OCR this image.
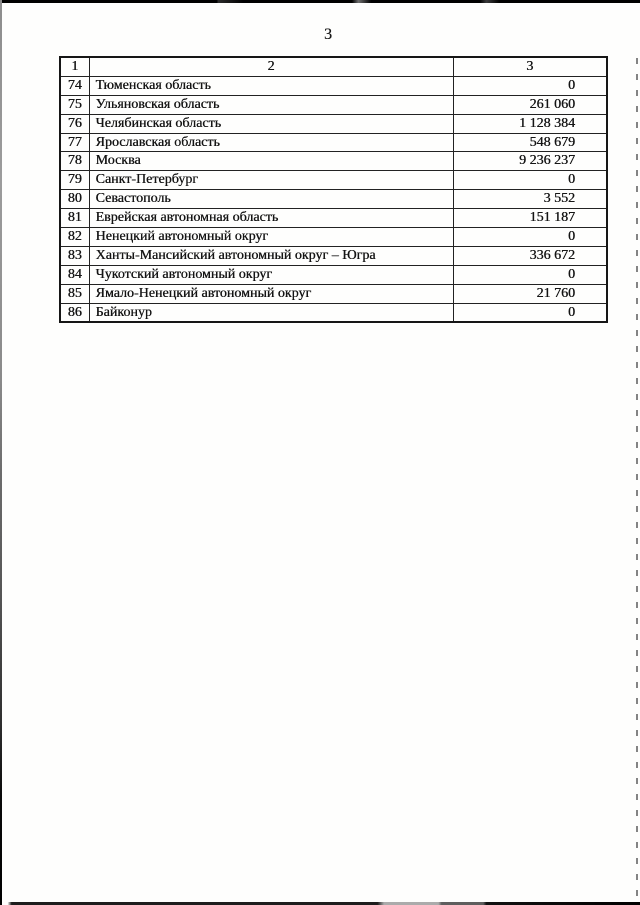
3
1	2	3
74	Тюменская область	0
75	Ульяновская область	261 060
76	Челябинская область	1 128 384
77	Ярославская область	548 679
78	Москва	9 236 237
79	Санкт-Петербург	0
80	Севастополь	3 552
81	Еврейская автономная область	151 187
82	Ненецкий автономный округ	0
83	Ханты-Мансийский автономный округ – Югра	336 672
84	Чукотский автономный округ	0
85	Ямало-Ненецкий автономный округ	21 760
86	Байконур	0
